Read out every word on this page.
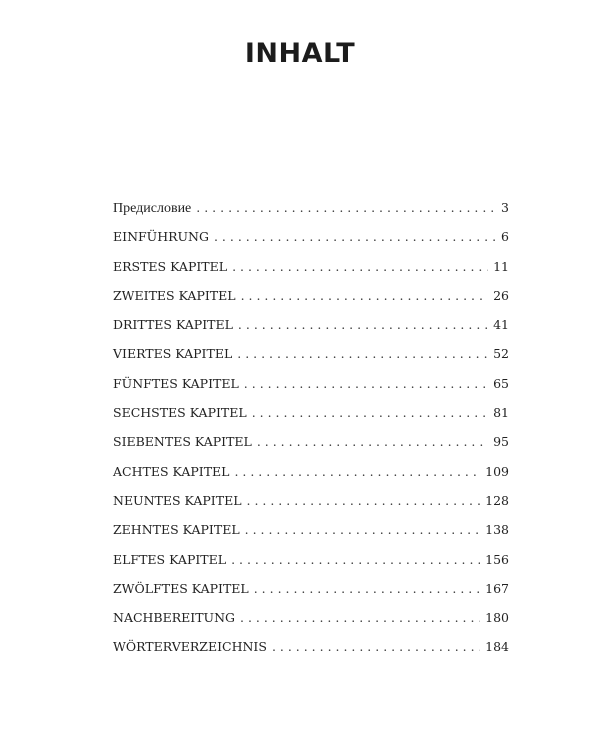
INHALT
Предисловие . . .	3
EINFÜHRUNG . . .	6
ERSTES KAPITEL . . .	11
ZWEITES KAPITEL . . .	26
DRITTES KAPITEL . . .	41
VIERTES KAPITEL . . .	52
FÜNFTES KAPITEL . . .	65
SECHSTES KAPITEL . . .	81
SIEBENTES KAPITEL . . .	95
ACHTES KAPITEL . . .	109
NEUNTES KAPITEL . . .	128
ZEHNTES KAPITEL . . .	138
ELFTES KAPITEL . . .	156
ZWÖLFTES KAPITEL . . .	167
NACHBEREITUNG . . .	180
WÖRTERVERZEICHNIS . . .	184
